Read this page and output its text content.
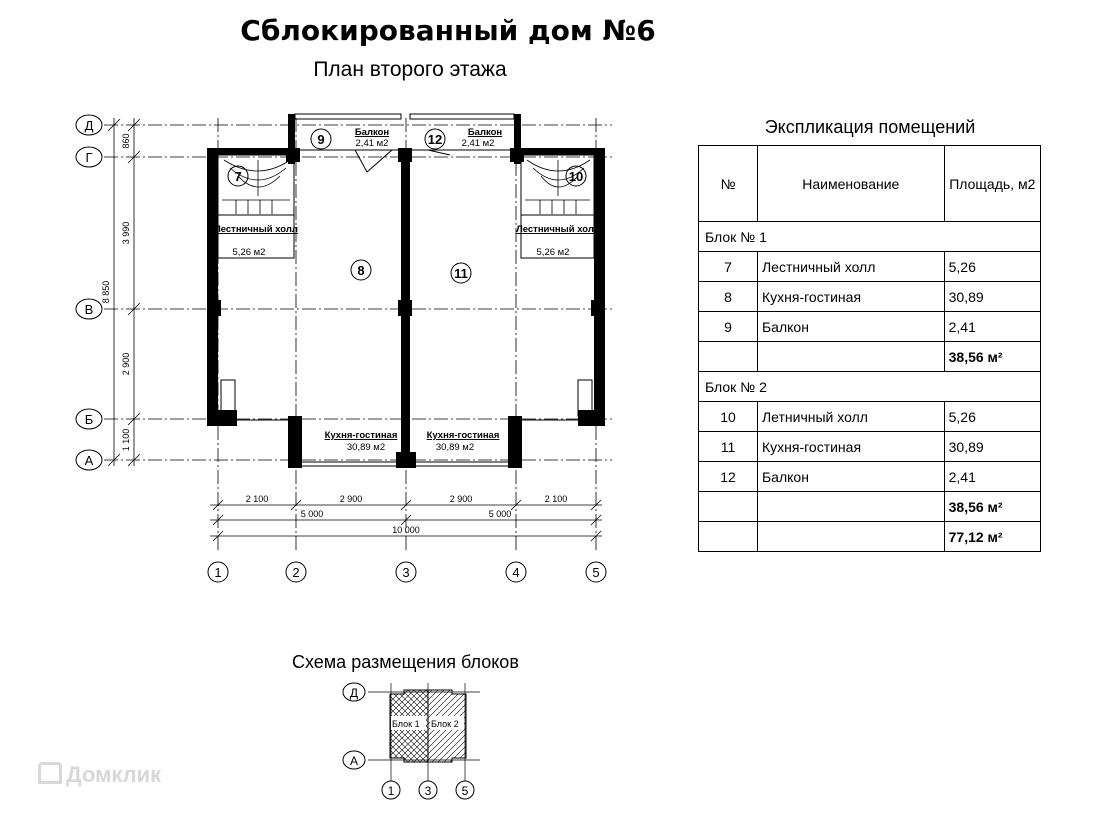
Сблокированный дом №6
План второго этажа
860
3 990
2 900
1 100
8 850
Д
Г
В
Б
А
9	12
7	10
8	11
Балкон
2,41 м2
Балкон
2,41 м2
Лестничный холл
5,26 м2
Лестничный холл
5,26 м2
Кухня-гостиная
30,89 м2
Кухня-гостиная
30,89 м2
2 100	2 900	2 900	2 100
5 000	5 000
10 000
1	2	3	4	5
Экспликация помещений
№	Наименование	Площадь, м2
Блок № 1		
7	Лестничный холл	5,26
8	Кухня-гостиная	30,89
9	Балкон	2,41
		38,56 м²
Блок № 2		
10	Летничный холл	5,26
11	Кухня-гостиная	30,89
12	Балкон	2,41
		38,56 м²
		77,12 м²
Схема размещения блоков
Блок 1 Блок 2
Д
А
1	3	5
Домклик
